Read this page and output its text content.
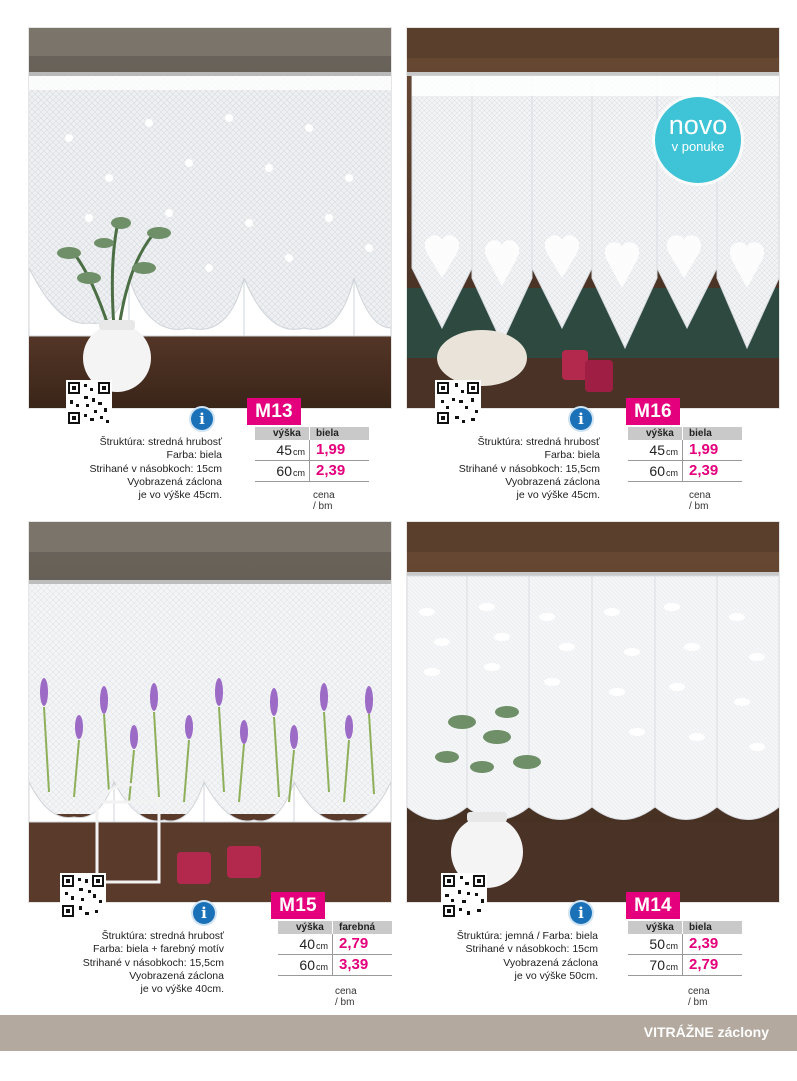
i	M13
Štruktúra: stredná hrubosť
Farba: biela
Strihané v násobkoch: 15cm
Vyobrazená záclona
je vo výške 45cm.
výška	biela
45cm 1,99
60cm 2,39
cena / bm
novo
v ponuke
i	M16
Štruktúra: stredná hrubosť
Farba: biela
Strihané v násobkoch: 15,5cm
Vyobrazená záclona
je vo výške 45cm.
výška	biela
45cm 1,99
60cm 2,39
cena / bm
i	M15
Štruktúra: stredná hrubosť
Farba: biela + farebný motív
Strihané v násobkoch: 15,5cm
Vyobrazená záclona
je vo výške 40cm.
výška	farebná
40cm 2,79
60cm 3,39
cena / bm
i	M14
Štruktúra: jemná / Farba: biela
Strihané v násobkoch: 15cm
Vyobrazená záclona
je vo výške 50cm.
výška	biela
50cm 2,39
70cm 2,79
cena / bm
VITRÁŽNE záclony
